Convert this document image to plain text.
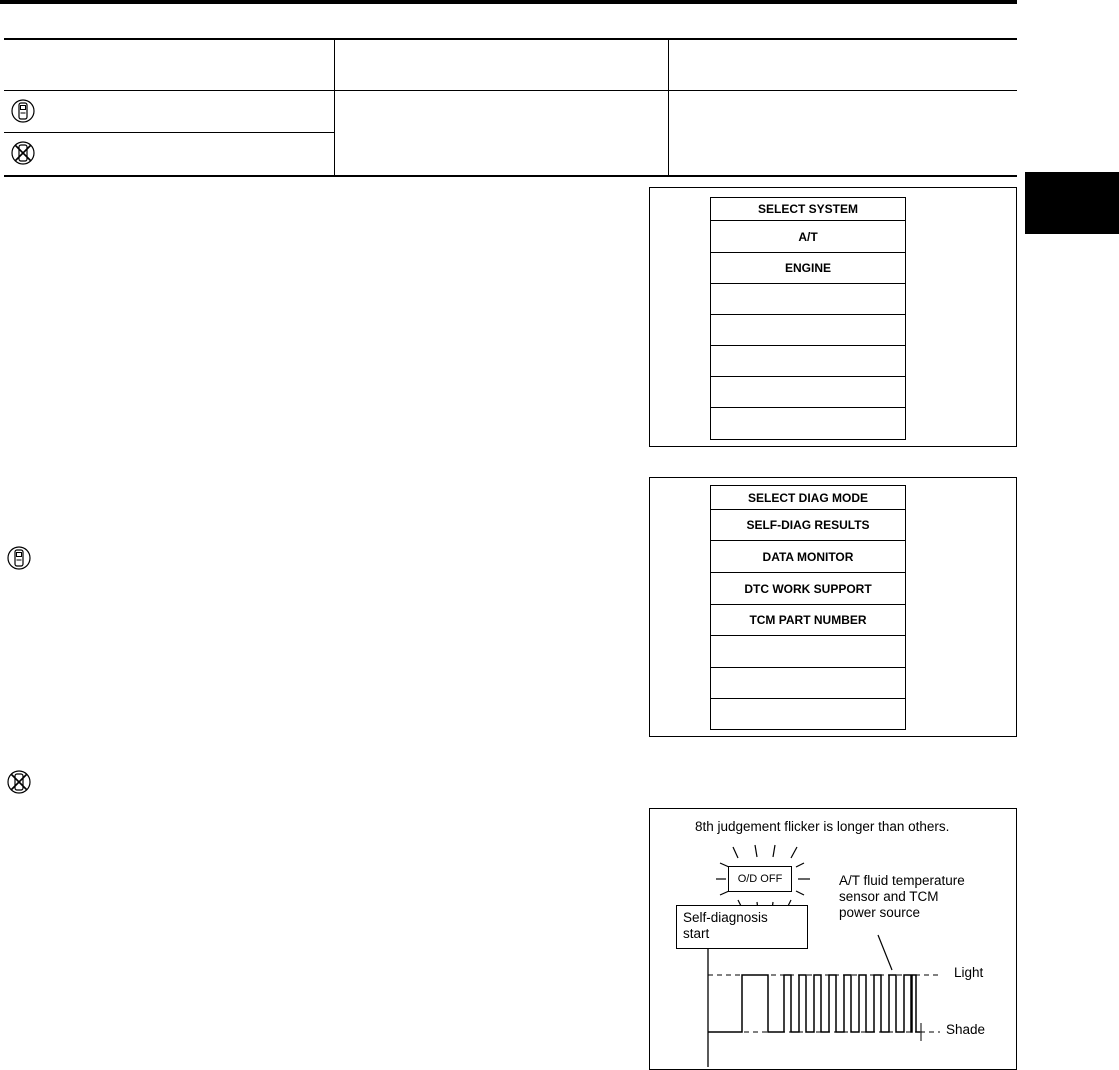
SELECT SYSTEM
A/T
ENGINE
SELECT DIAG MODE
SELF-DIAG RESULTS
DATA MONITOR
DTC WORK SUPPORT
TCM PART NUMBER
8th judgement flicker is longer than others.
O/D OFF
Self-diagnosis
start
A/T fluid temperature
sensor and TCM
power source
Light
Shade
